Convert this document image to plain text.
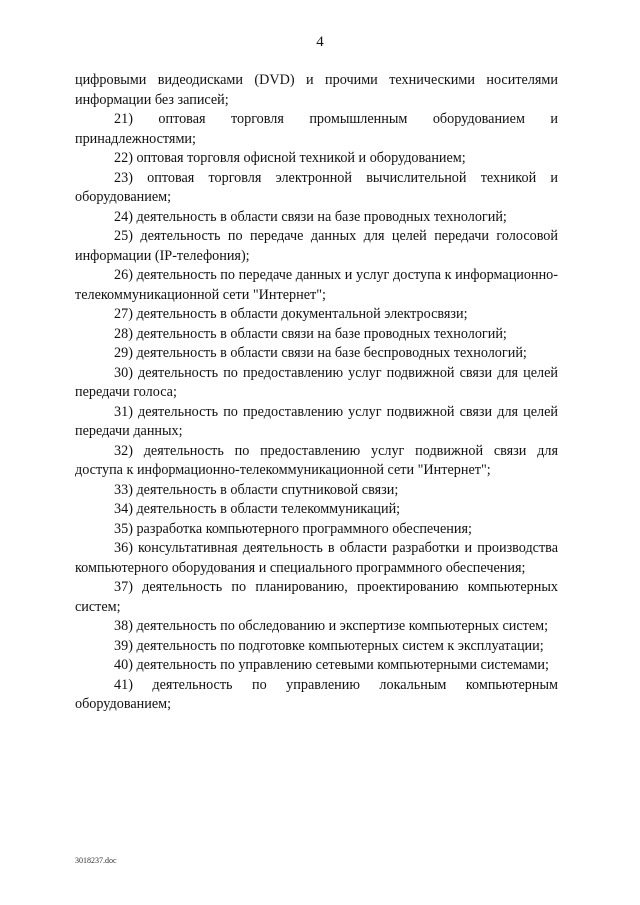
4

цифровыми видеодисками (DVD) и прочими техническими носителями информации без записей;

21) оптовая торговля промышленным оборудованием и принадлежностями;

22) оптовая торговля офисной техникой и оборудованием;

23) оптовая торговля электронной вычислительной техникой и оборудованием;

24) деятельность в области связи на базе проводных технологий;

25) деятельность по передаче данных для целей передачи голосовой информации (IP-телефония);

26) деятельность по передаче данных и услуг доступа к информационно-телекоммуникационной сети "Интернет";

27) деятельность в области документальной электросвязи;

28) деятельность в области связи на базе проводных технологий;

29) деятельность в области связи на базе беспроводных технологий;

30) деятельность по предоставлению услуг подвижной связи для целей передачи голоса;

31) деятельность по предоставлению услуг подвижной связи для целей передачи данных;

32) деятельность по предоставлению услуг подвижной связи для доступа к информационно-телекоммуникационной сети "Интернет";

33) деятельность в области спутниковой связи;

34) деятельность в области телекоммуникаций;

35) разработка компьютерного программного обеспечения;

36) консультативная деятельность в области разработки и производства компьютерного оборудования и специального программного обеспечения;

37) деятельность по планированию, проектированию компьютерных систем;

38) деятельность по обследованию и экспертизе компьютерных систем;

39) деятельность по подготовке компьютерных систем к эксплуатации;

40) деятельность по управлению сетевыми компьютерными системами;

41) деятельность по управлению локальным компьютерным оборудованием;

3018237.doc
